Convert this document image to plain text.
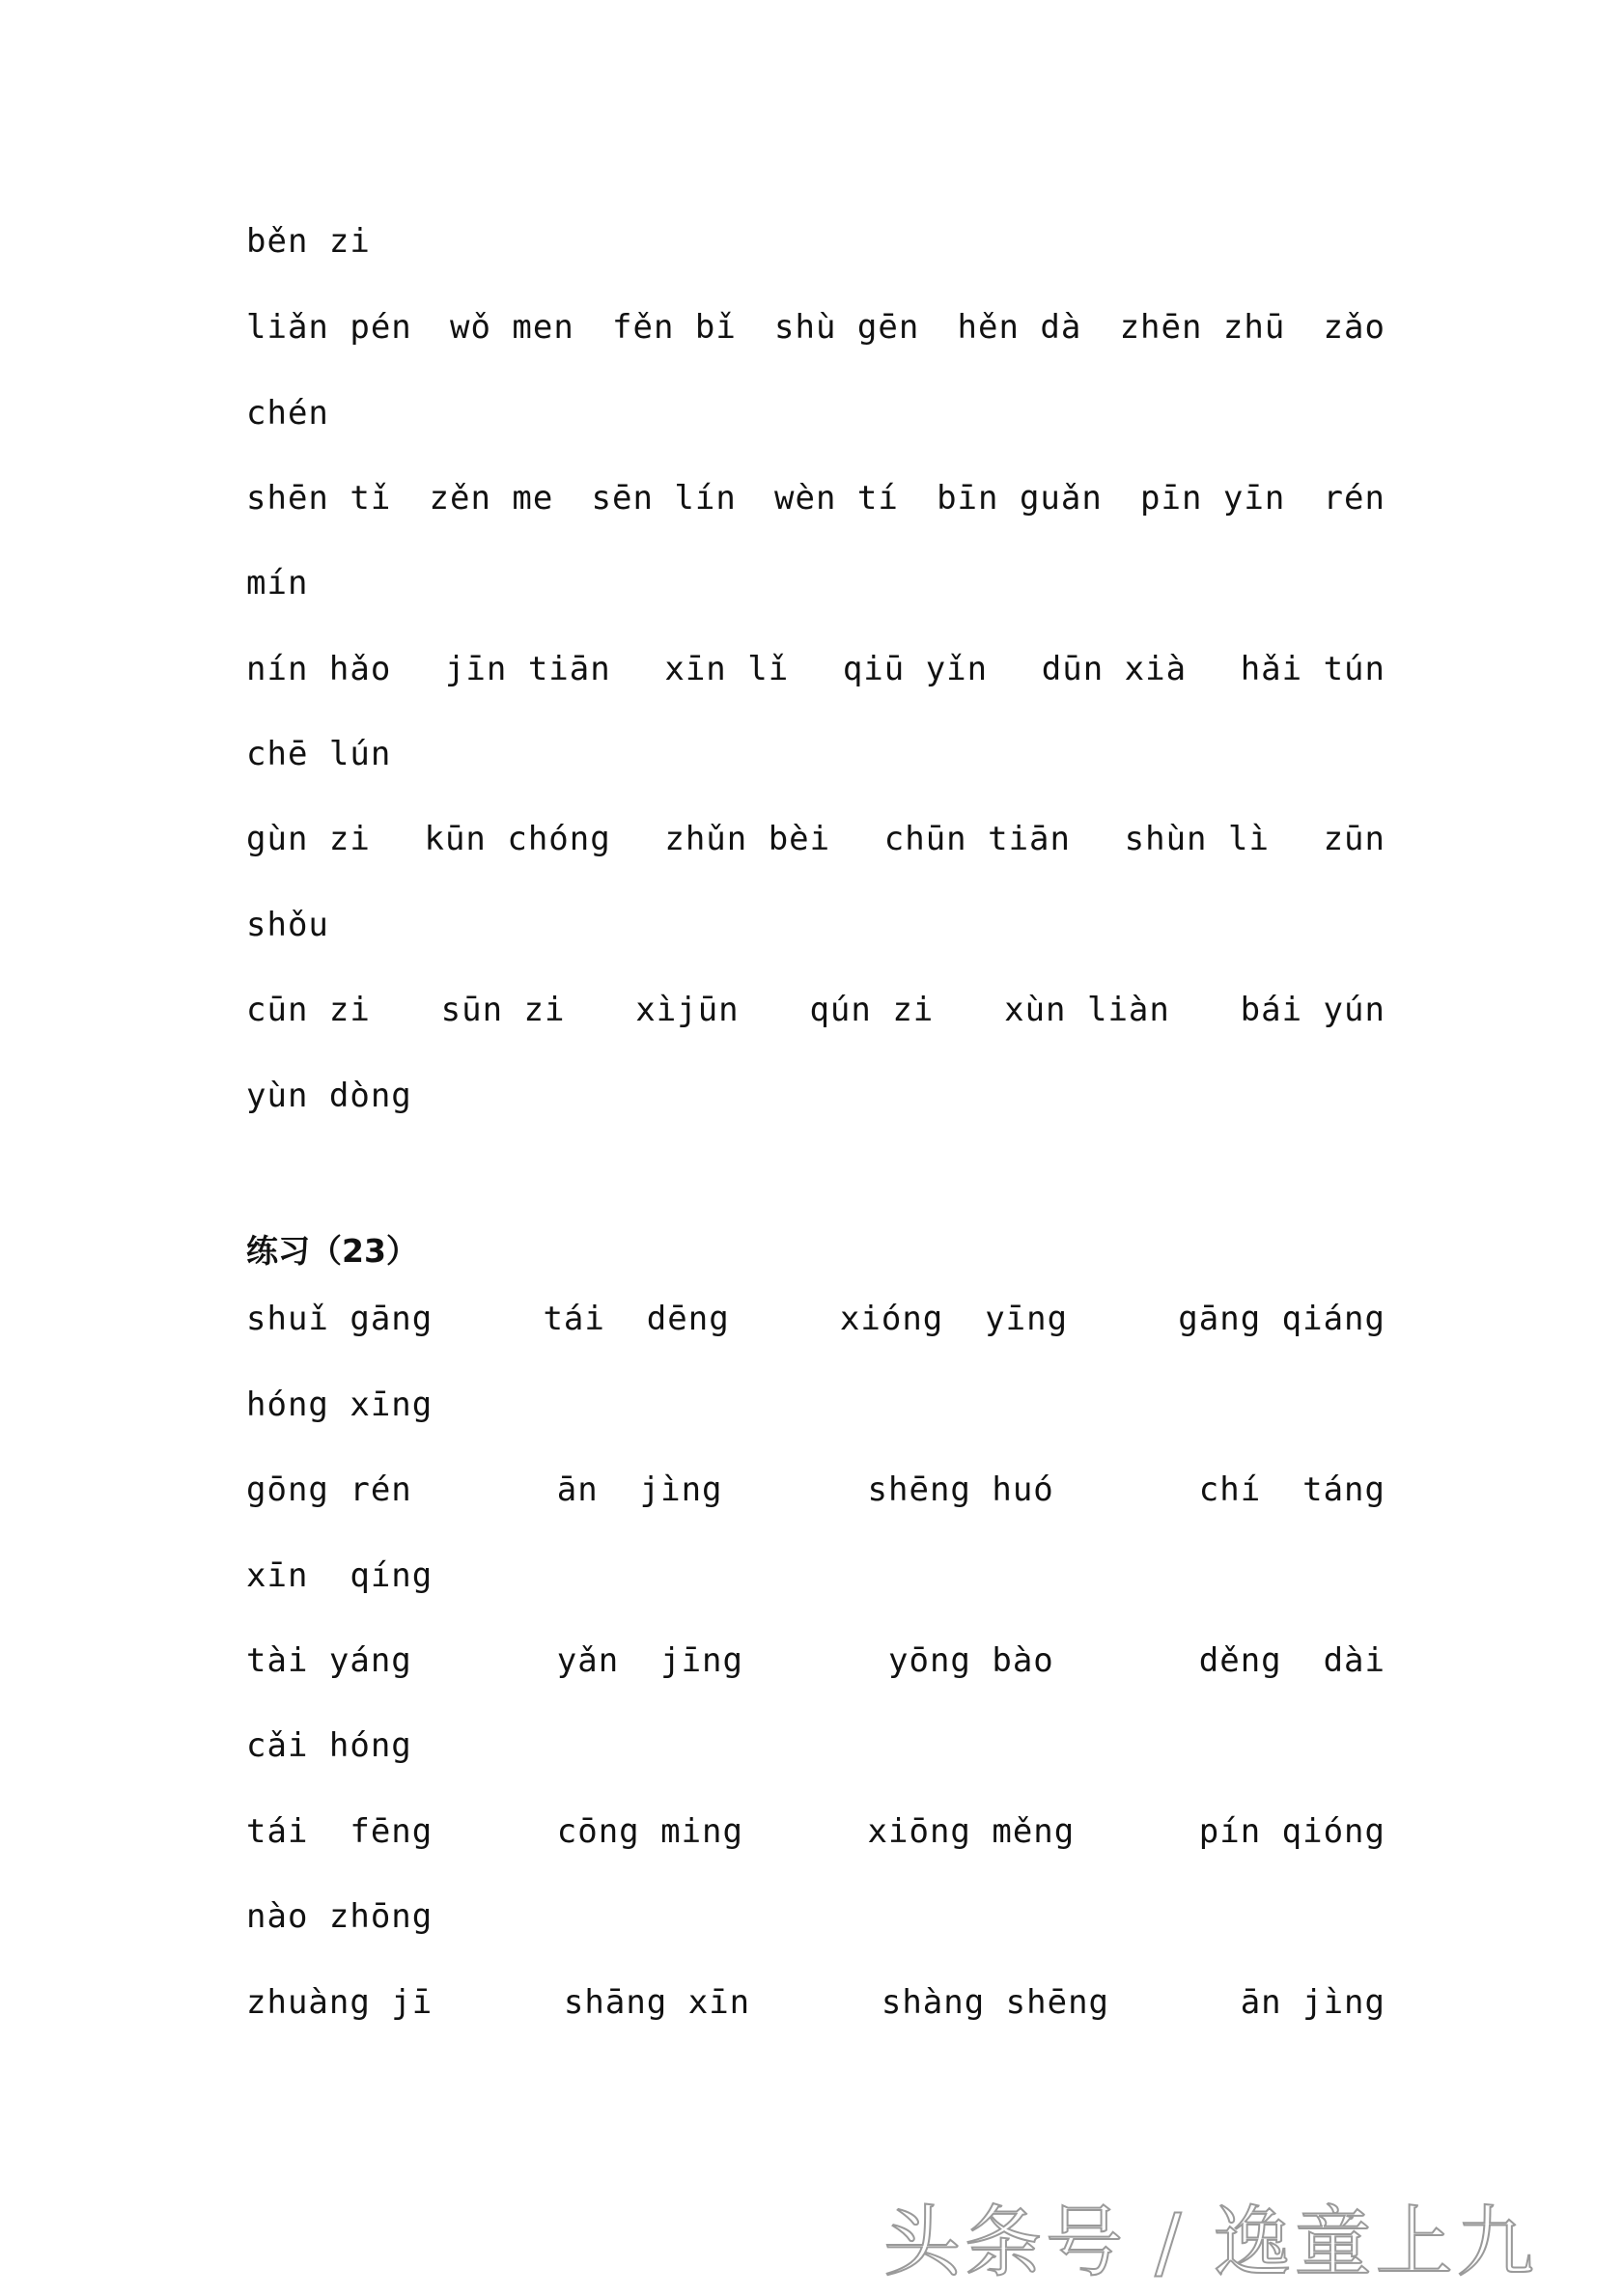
běn zi
liǎn pén wǒ men fěn bǐ shù gēn hěn dà zhēn zhū zǎo
chén
shēn tǐ zěn me sēn lín wèn tí bīn guǎn pīn yīn rén
mín
nín hǎo jīn tiān xīn lǐ qiū yǐn dūn xià hǎi tún
chē lún
gùn zi kūn chóng zhǔn bèi chūn tiān shùn lì zūn
shǒu
cūn zi sūn zi xìjūn qún zi xùn liàn bái yún
yùn dòng
练习（23）
shuǐ gāng	tái  dēng	xióng  yīng	gāng qiáng
hóng xīng
gōng rén	ān  jìng	shēng huó	chí  táng
xīn  qíng
tài yáng	yǎn  jīng	yōng bào	děng  dài
cǎi hóng
tái  fēng	cōng ming	xiōng měng	pín qióng
nào zhōng
zhuàng jī	shāng xīn	shàng shēng	ān jìng
头条号 / 逸童上九
